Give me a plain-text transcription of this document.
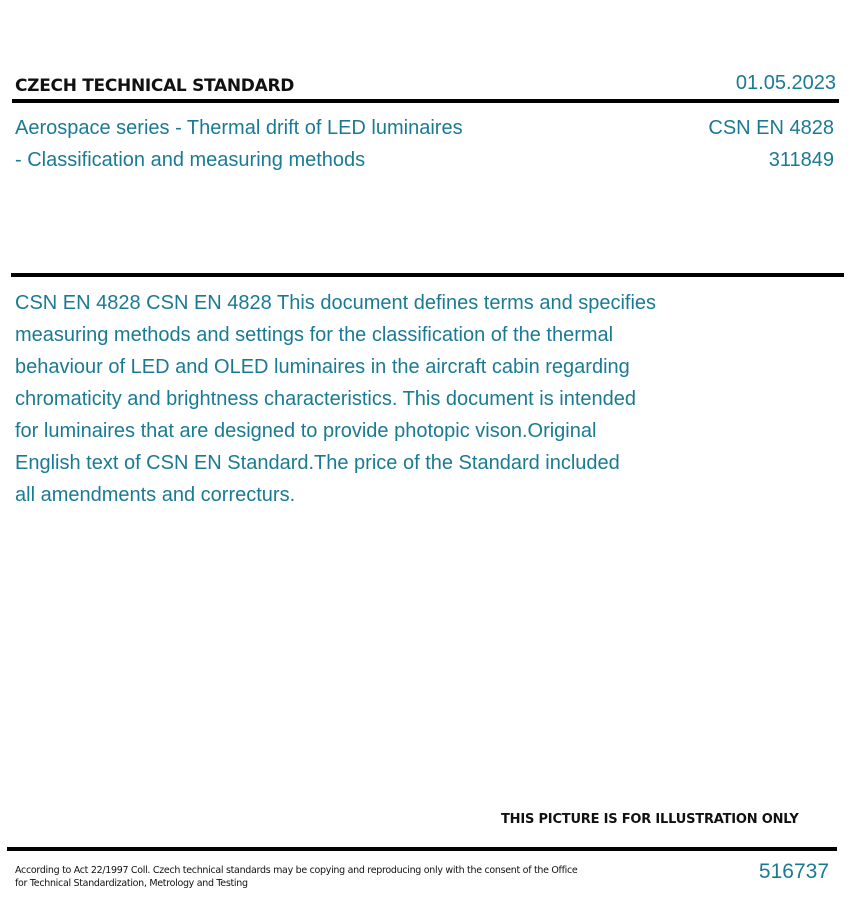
CZECH TECHNICAL STANDARD	01.05.2023
Aerospace series - Thermal drift of LED luminaires
- Classification and measuring methods
CSN EN 4828
311849
CSN EN 4828 CSN EN 4828 This document defines terms and specifies
measuring methods and settings for the classification of the thermal
behaviour of LED and OLED luminaires in the aircraft cabin regarding
chromaticity and brightness characteristics. This document is intended
for luminaires that are designed to provide photopic vison.Original
English text of CSN EN Standard.The price of the Standard included
all amendments and correcturs.
THIS PICTURE IS FOR ILLUSTRATION ONLY
According to Act 22/1997 Coll. Czech technical standards may be copying and reproducing only with the consent of the Office
for Technical Standardization, Metrology and Testing
516737
